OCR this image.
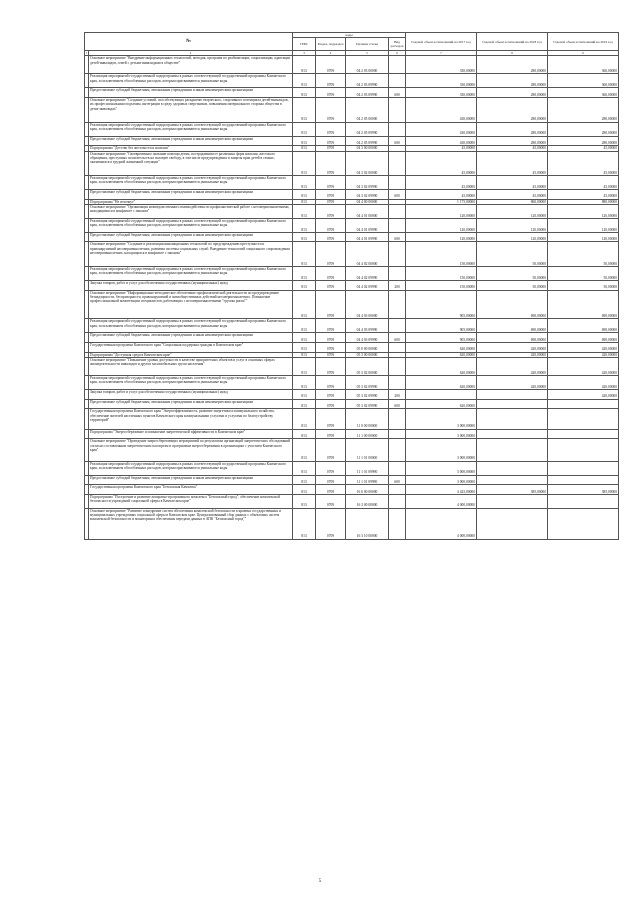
№		коды				Годовой объем ассигнований на 2017 год	Годовой объем ассигнований на 2018 год	Годовой объем ассигнований на 2019 год
		ГРБС	Раздел, подраздел	Целевая статья	Вид расходов			
1	2	3	4	5	6	7	8	9
	Основное мероприятие "Внедрение информационных технологий, методик, программ по реабилитации, социализации, адаптации детей-инвалидов, семей с детьми-инвалидами в обществе"	813	0709	04 2 03 00000		330,00000	280,00000	360,00000
	Реализация мероприятий государственной подпрограммы в рамках соответствующей государственной программы Камчатского края, за исключением обособленных расходов, которым присваиваются уникальные коды	813	0709	04 2 03 09990		330,00000	280,00000	360,00000
	Предоставление субсидий бюджетным, автономным учреждениям и иным некоммерческим организациям	813	0709	04 2 03 09990	600	330,00000	280,00000	360,00000
	Основное мероприятие "Создание условий, способствующих раскрытию творческого, спортивного потенциала детей-инвалидов, их профессиональным подъемам, интеграции в среду здоровых сверстников, повышения материального стороны общества в детях-инвалидах"	813	0709	04 2 05 00000		430,00000	280,00000	280,00000
	Реализация мероприятий государственной подпрограммы в рамках соответствующей государственной программы Камчатского края, за исключением обособленных расходов, которым присваиваются уникальные коды	813	0709	04 2 05 09990		430,00000	280,00000	280,00000
	Предоставление субсидий бюджетным, автономным учреждениям и иным некоммерческим организациям	813	0709	04 2 05 09990	600	430,00000	280,00000	280,00000
	Подпрограмма "Детство без жестокости и насилия"	813	0709	04 3 00 00000		45,00000	45,00000	45,00000
	Основное мероприятие "Своевременное оказание помощи детям, пострадавшим от различных форм насилия, жестокого обращения, преступных посягательств на половую свободу, в том числе предупреждения и защиты прав детей в семьях, оказавшихся в трудной жизненной ситуации"	813	0709	04 3 02 00000		45,00000	45,00000	45,00000
	Реализация мероприятий государственной подпрограммы в рамках соответствующей государственной программы Камчатского края, за исключением обособленных расходов, которым присваиваются уникальные коды	813	0709	04 3 02 09990		45,00000	45,00000	45,00000
	Предоставление субсидий бюджетным, автономным учреждениям и иным некоммерческим организациям	813	0709	04 3 02 09990	600	45,00000	45,00000	45,00000
	Подпрограмма "Не исчезнут"	813	0709	04 4 00 00000		1 175,00000	860,00000	880,00000
	Основное мероприятие "Организация межведомственного взаимодействия по профилактической работе с несовершеннолетними, находящимися в конфликте с законом"	813	0709	04 4 01 00000		120,00000	120,00000	120,00000
	Реализация мероприятий государственной подпрограммы в рамках соответствующей государственной программы Камчатского края, за исключением обособленных расходов, которым присваиваются уникальные коды	813	0709	04 4 01 09990		120,00000	120,00000	120,00000
	Предоставление субсидий бюджетным, автономным учреждениям и иным некоммерческим организациям	813	0709	04 4 01 09990	600	120,00000	120,00000	120,00000
	Основное мероприятие "Создание и реализация инновационных технологий по предупреждению преступности и правонарушений несовершеннолетних, развития системы социальных служб. Внедрение технологий социального сопровождения несовершеннолетних, находящихся в конфликте с законом"	813	0709	04 4 02 00000		150,00000	50,00000	50,00000
	Реализация мероприятий государственной подпрограммы в рамках соответствующей государственной программы Камчатского края, за исключением обособленных расходов, которым присваиваются уникальные коды	813	0709	04 4 02 09990		150,00000	50,00000	50,00000
	Закупка товаров, работ и услуг для обеспечения государственных (муниципальных) нужд	813	0709	04 4 02 09990	200	150,00000	50,00000	50,00000
	Основное мероприятие "Информационно-методическое обеспечение профилактической деятельности по предупреждению безнадзорности, беспризорности, правонарушений и антиобщественных действий несовершеннолетних. Повышение профессиональной компетенции специалистов, работающих с несовершеннолетними "группы риска""	813	0709	04 4 03 00000		905,00000	690,00000	690,00000
	Реализация мероприятий государственной подпрограммы в рамках соответствующей государственной программы Камчатского края, за исключением обособленных расходов, которым присваиваются уникальные коды	813	0709	04 4 03 09990		905,00000	690,00000	690,00000
	Предоставление субсидий бюджетным, автономным учреждениям и иным некоммерческим организациям	813	0709	04 4 03 09990	600	905,00000	690,00000	690,00000
	Государственная программа Камчатского края "Социальная поддержка граждан в Камчатском крае"	813	0709	05 0 00 00000		620,00000	420,00000	420,00000
	Подпрограмма "Доступная среда в Камчатском крае"	813	0709	05 3 00 00000		620,00000	420,00000	420,00000
	Основное мероприятие "Повышение уровня доступности в качестве приоритетных объектов и услуг в основных сферах жизнедеятельности инвалидов и других маломобильных групп населения"	813	0709	05 3 02 00000		620,00000	420,00000	420,00000
	Реализация мероприятий государственной подпрограммы в рамках соответствующей государственной программы Камчатского края, за исключением обособленных расходов, которым присваиваются уникальные коды	813	0709	05 3 02 09990		620,00000	420,00000	420,00000
	Закупка товаров, работ и услуг для обеспечения государственных (муниципальных) нужд	813	0709	05 3 02 09990	200			420,00000
	Предоставление субсидий бюджетным, автономным учреждениям и иным некоммерческим организациям	813	0709	05 3 02 09990	600	620,00000		
	Государственная программа Камчатского края "Энергоэффективность, развитие энергетики и коммунального хозяйства, обеспечение жителей населенных пунктов Камчатского края коммунальными услугами и услугами по благоустройству территорий"	813	0709	11 0 00 00000		3 000,00000		
	Подпрограмма "Энергосбережение и повышение энергетической эффективности в Камчатском крае"	813	0709	11 1 00 00000		3 000,00000		
	Основное мероприятие "Проведение энергосберегающих мероприятий по результатам организаций энергетических обследований согласно составленным энергетическим паспортам и программам энергосбережения в организациях с участием Камчатского края"	813	0709	11 1 01 00000		3 000,00000		
	Реализация мероприятий государственной подпрограммы в рамках соответствующей государственной программы Камчатского края, за исключением обособленных расходов, которым присваиваются уникальные коды	813	0709	11 1 01 09990		3 000,00000		
	Предоставление субсидий бюджетным, автономным учреждениям и иным некоммерческим организациям	813	0709	11 1 01 09990	600	3 000,00000		
	Государственная программа Камчатского края "Безопасная Камчатка"	813	0709	16 0 00 00000		4 425,00000	385,00000	385,00000
	Подпрограмма "Построение и развитие аппаратно-программного комплекса "Безопасный город", обеспечение комплексной безопасности учреждений социальной сферы в Камчатском крае"	813	0709	16 3 00 00000		4 000,00000		
	Основное мероприятие "Развитие и внедрение систем обеспечения комплексной безопасности в краевых государственных и муниципальных учреждениях социальной сферы в Камчатском крае. Централизованный сбор данных с объектовых систем комплексной безопасности и мониторинга обеспечения передачи данных в АПК "Безопасный город""	813	0709	16 3 10 00000		4 000,00000		
5
